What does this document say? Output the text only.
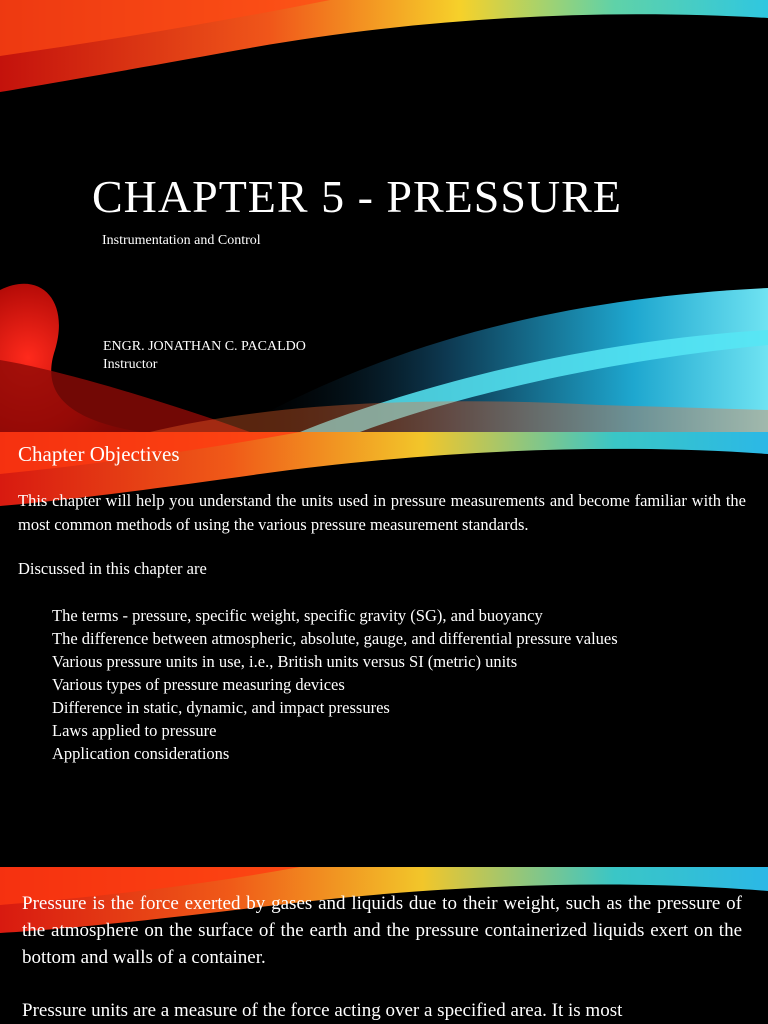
CHAPTER 5 - PRESSURE
Instrumentation and Control
ENGR. JONATHAN C. PACALDO
Instructor
Chapter Objectives
This chapter will help you understand the units used in pressure measurements and become familiar with the most common methods of using the various pressure measurement standards.
Discussed in this chapter are
The terms - pressure, specific weight, specific gravity (SG), and buoyancy
The difference between atmospheric, absolute, gauge, and differential pressure values
Various pressure units in use, i.e., British units versus SI (metric) units
Various types of pressure measuring devices
Difference in static, dynamic, and impact pressures
Laws applied to pressure
Application considerations
Pressure is the force exerted by gases and liquids due to their weight, such as the pressure of the atmosphere on the surface of the earth and the pressure containerized liquids exert on the bottom and walls of a container.
Pressure units are a measure of the force acting over a specified area. It is most
